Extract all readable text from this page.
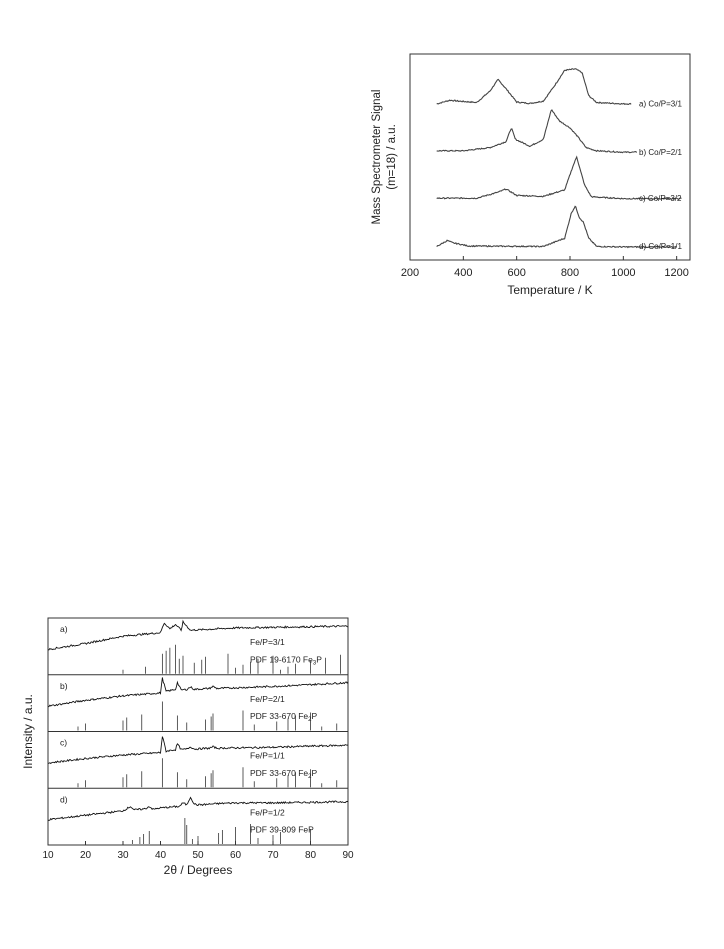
200	400	600	800	1000	1200
Temperature / K
Mass Spectrometer Signal (m=18) / a.u.
a) Co/P=3/1
b) Co/P=2/1
c) Co/P=3/2
d) Co/P=1/1
a)
Fe/P=3/1
PDF 19-6170 $Fe_3P$
b)
Fe/P=2/1
PDF 33-670 $Fe_2P$
c)
Fe/P=1/1
PDF 33-670 $Fe_2P$
d)
Fe/P=1/2
PDF 39-809 FeP
10	20	30	40	50	60	70	80	90
2θ / Degrees
Intensity / a.u.
